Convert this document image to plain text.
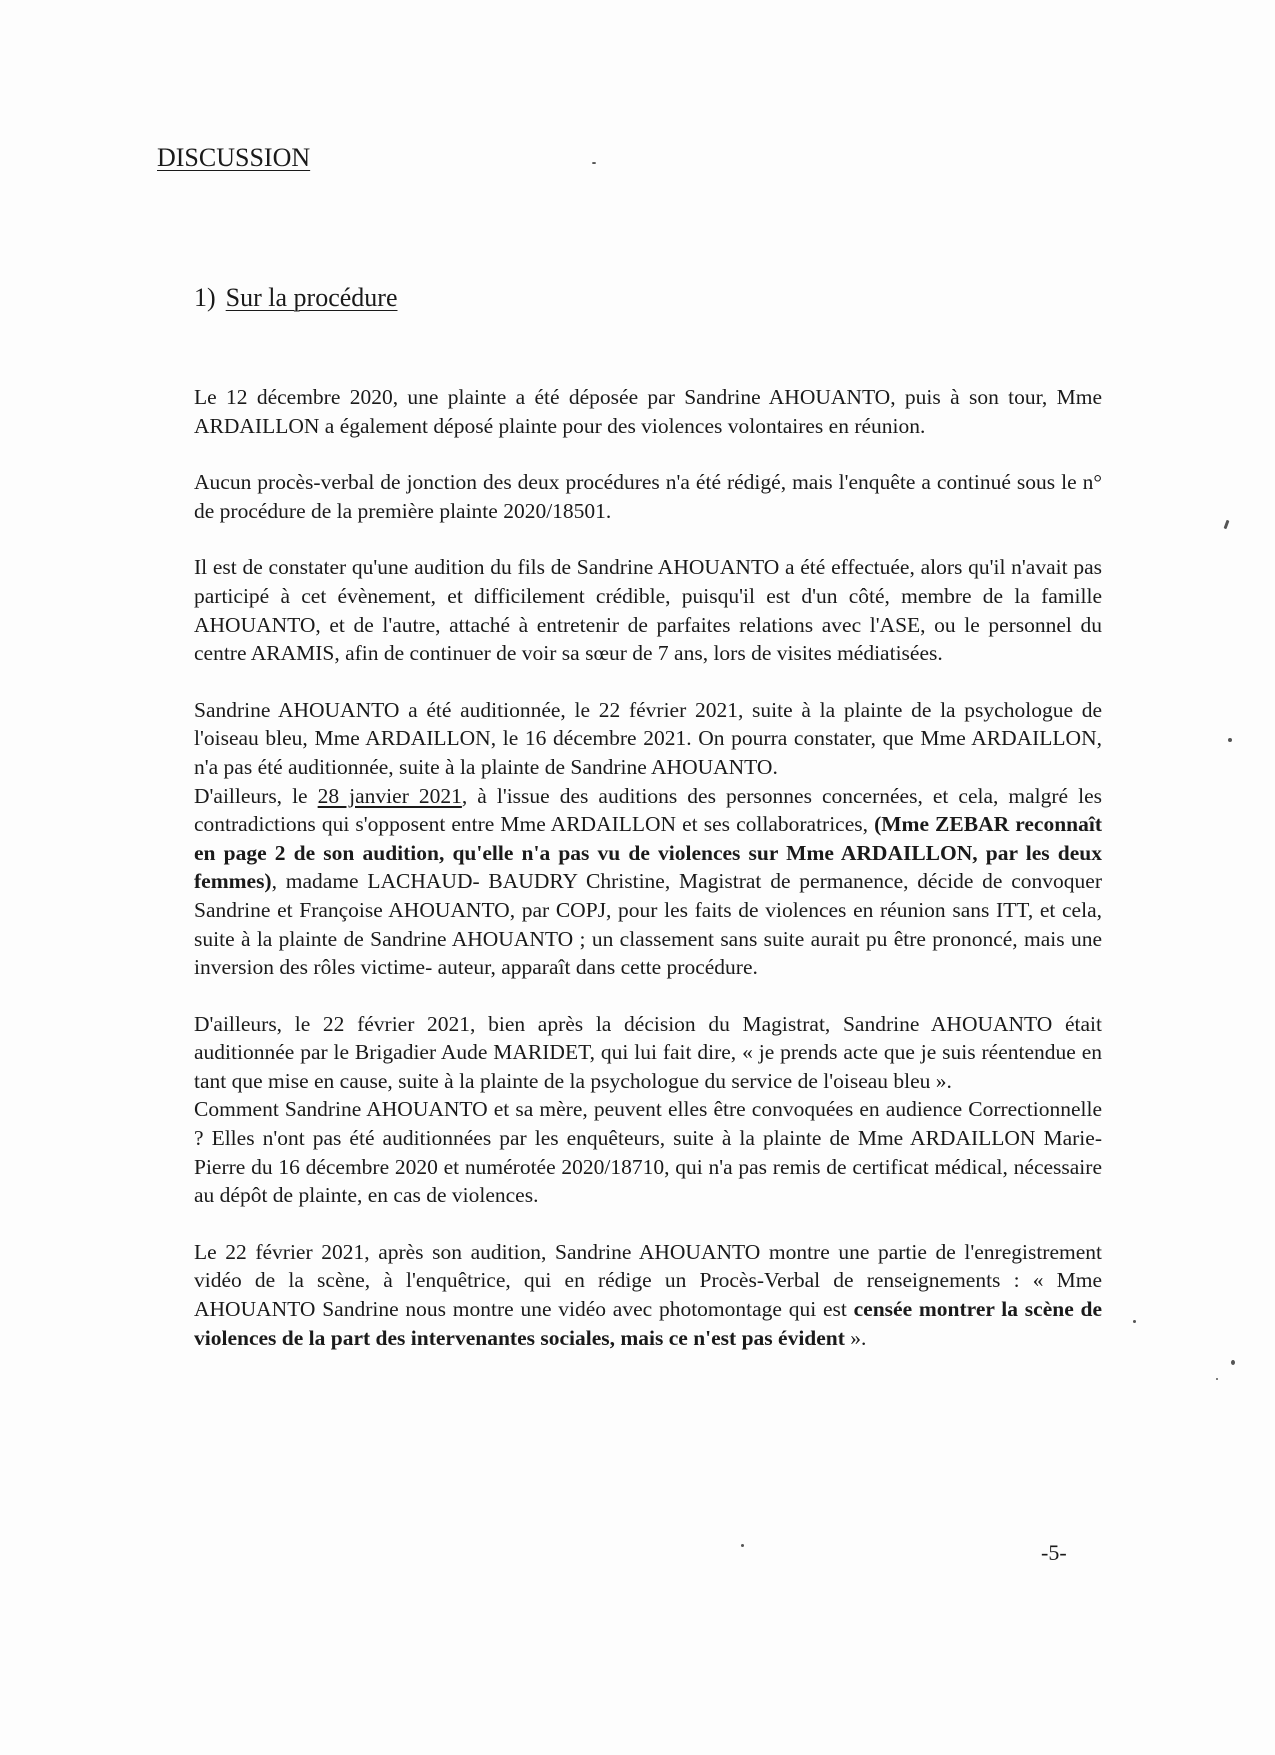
DISCUSSION
1) Sur la procédure

Le 12 décembre 2020, une plainte a été déposée par Sandrine AHOUANTO, puis à son tour, Mme ARDAILLON a également déposé plainte pour des violences volontaires en réunion.

Aucun procès-verbal de jonction des deux procédures n'a été rédigé, mais l'enquête a continué sous le n° de procédure de la première plainte 2020/18501.

Il est de constater qu'une audition du fils de Sandrine AHOUANTO a été effectuée, alors qu'il n'avait pas participé à cet évènement, et difficilement crédible, puisqu'il est d'un côté, membre de la famille AHOUANTO, et de l'autre, attaché à entretenir de parfaites relations avec l'ASE, ou le personnel du centre ARAMIS, afin de continuer de voir sa sœur de 7 ans, lors de visites médiatisées.

Sandrine AHOUANTO a été auditionnée, le 22 février 2021, suite à la plainte de la psychologue de l'oiseau bleu, Mme ARDAILLON, le 16 décembre 2021. On pourra constater, que Mme ARDAILLON, n'a pas été auditionnée, suite à la plainte de Sandrine AHOUANTO.

D'ailleurs, le 28 janvier 2021, à l'issue des auditions des personnes concernées, et cela, malgré les contradictions qui s'opposent entre Mme ARDAILLON et ses collaboratrices, (Mme ZEBAR reconnaît en page 2 de son audition, qu'elle n'a pas vu de violences sur Mme ARDAILLON, par les deux femmes), madame LACHAUD- BAUDRY Christine, Magistrat de permanence, décide de convoquer Sandrine et Françoise AHOUANTO, par COPJ, pour les faits de violences en réunion sans ITT, et cela, suite à la plainte de Sandrine AHOUANTO ; un classement sans suite aurait pu être prononcé, mais une inversion des rôles victime- auteur, apparaît dans cette procédure.

D'ailleurs, le 22 février 2021, bien après la décision du Magistrat, Sandrine AHOUANTO était auditionnée par le Brigadier Aude MARIDET, qui lui fait dire, « je prends acte que je suis réentendue en tant que mise en cause, suite à la plainte de la psychologue du service de l'oiseau bleu ».

Comment Sandrine AHOUANTO et sa mère, peuvent elles être convoquées en audience Correctionnelle ? Elles n'ont pas été auditionnées par les enquêteurs, suite à la plainte de Mme ARDAILLON Marie-Pierre du 16 décembre 2020 et numérotée 2020/18710, qui n'a pas remis de certificat médical, nécessaire au dépôt de plainte, en cas de violences.

Le 22 février 2021, après son audition, Sandrine AHOUANTO montre une partie de l'enregistrement vidéo de la scène, à l'enquêtrice, qui en rédige un Procès-Verbal de renseignements : « Mme AHOUANTO Sandrine nous montre une vidéo avec photomontage qui est censée montrer la scène de violences de la part des intervenantes sociales, mais ce n'est pas évident ».

-5-
